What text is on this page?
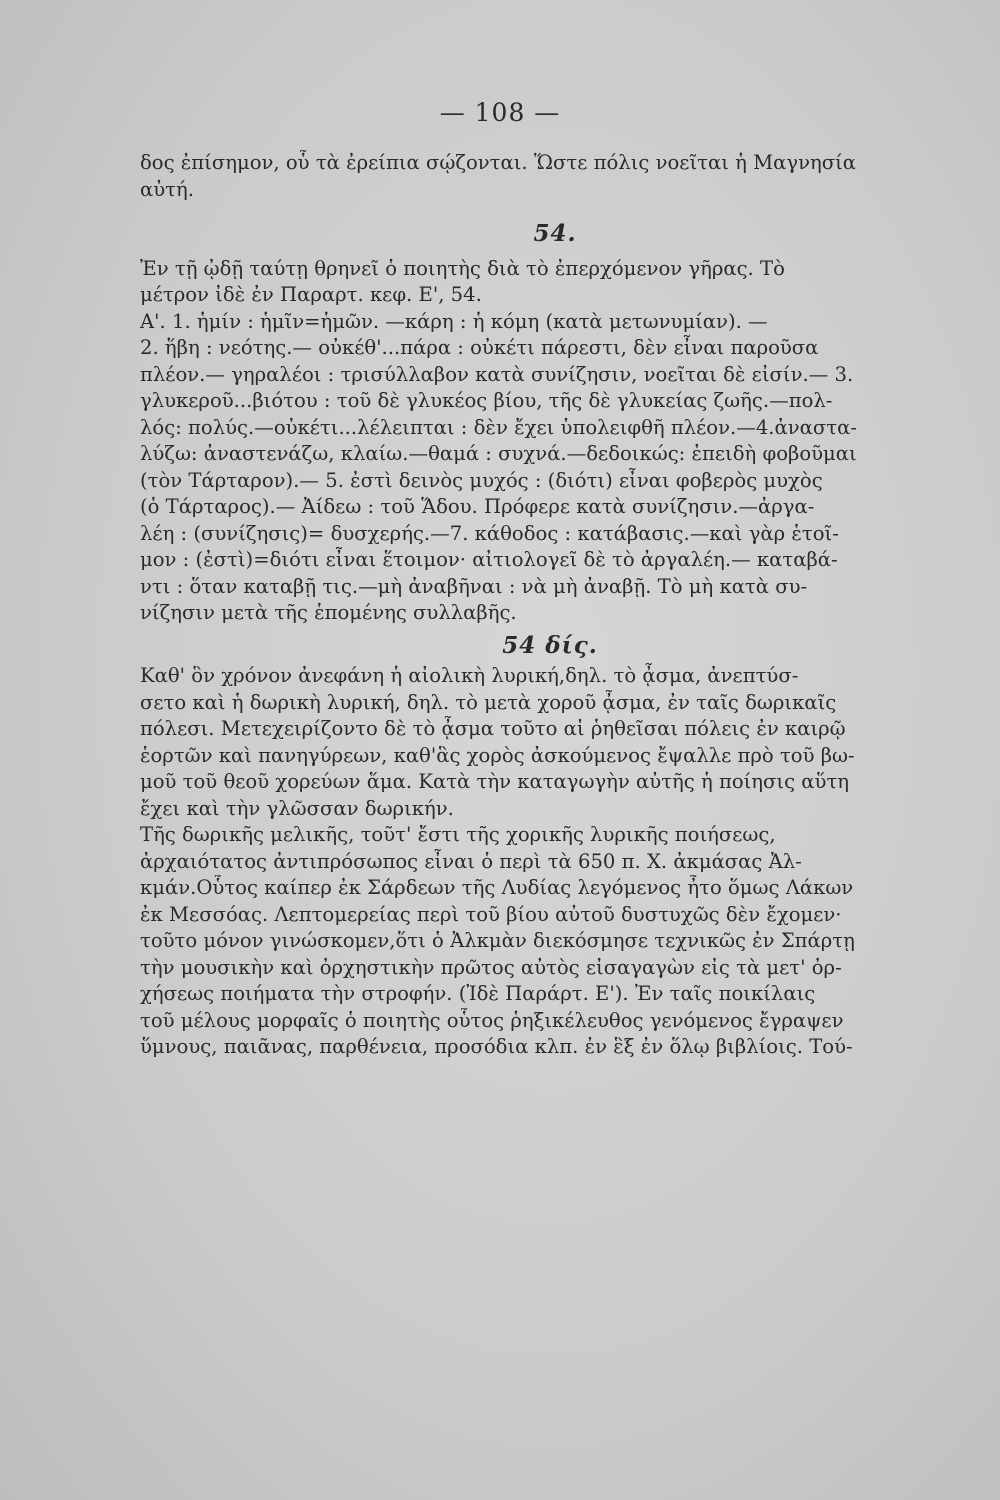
— 108 —
δος ἐπίσημον, οὗ τὰ ἐρείπια σῴζονται. Ὥστε πόλις νοεῖται ἡ Μαγνησία
αὐτή.
54.
Ἐν τῇ ᾠδῇ ταύτῃ θρηνεῖ ὁ ποιητὴς διὰ τὸ ἐπερχόμενον γῆρας. Τὸ
μέτρον ἰδὲ ἐν Παραρτ. κεφ. Ε', 54.
Α'. 1. ἡμίν : ἡμῖν=ἡμῶν. —κάρη : ἡ κόμη (κατὰ μετωνυμίαν). —
2. ἥβη : νεότης.— οὐκέθ'...πάρα : οὐκέτι πάρεστι, δὲν εἶναι παροῦσα
πλέον.— γηραλέοι : τρισύλλαβον κατὰ συνίζησιν, νοεῖται δὲ εἰσίν.— 3.
γλυκεροῦ...βιότου : τοῦ δὲ γλυκέος βίου, τῆς δὲ γλυκείας ζωῆς.—πολ-
λός: πολύς.—οὐκέτι...λέλειπται : δὲν ἔχει ὑπολειφθῆ πλέον.—4.ἀναστα-
λύζω: ἀναστενάζω, κλαίω.—θαμά : συχνά.—δεδοικώς: ἐπειδὴ φοβοῦμαι
(τὸν Τάρταρον).— 5. ἐστὶ δεινὸς μυχός : (διότι) εἶναι φοβερὸς μυχὸς
(ὁ Τάρταρος).— Ἀίδεω : τοῦ Ἅδου. Πρόφερε κατὰ συνίζησιν.—ἀργα-
λέη : (συνίζησις)= δυσχερής.—7. κάθοδος : κατάβασις.—καὶ γὰρ ἑτοῖ-
μον : (ἐστὶ)=διότι εἶναι ἕτοιμον· αἰτιολογεῖ δὲ τὸ ἀργαλέη.— καταβά-
ντι : ὅταν καταβῇ τις.—μὴ ἀναβῆναι : νὰ μὴ ἀναβῇ. Τὸ μὴ κατὰ συ-
νίζησιν μετὰ τῆς ἑπομένης συλλαβῆς.
54 δίς.
Καθ' ὃν χρόνον ἀνεφάνη ἡ αἰολικὴ λυρική,δηλ. τὸ ᾆσμα, ἀνεπτύσ-
σετο καὶ ἡ δωρικὴ λυρική, δηλ. τὸ μετὰ χοροῦ ᾆσμα, ἐν ταῖς δωρικαῖς
πόλεσι. Μετεχειρίζοντο δὲ τὸ ᾆσμα τοῦτο αἱ ῥηθεῖσαι πόλεις ἐν καιρῷ
ἑορτῶν καὶ πανηγύρεων, καθ'ἃς χορὸς ἀσκούμενος ἔψαλλε πρὸ τοῦ βω-
μοῦ τοῦ θεοῦ χορεύων ἅμα. Κατὰ τὴν καταγωγὴν αὐτῆς ἡ ποίησις αὕτη
ἔχει καὶ τὴν γλῶσσαν δωρικήν.
Τῆς δωρικῆς μελικῆς, τοῦτ' ἔστι τῆς χορικῆς λυρικῆς ποιήσεως,
ἀρχαιότατος ἀντιπρόσωπος εἶναι ὁ περὶ τὰ 650 π. Χ. ἀκμάσας Ἀλ-
κμάν.Οὗτος καίπερ ἐκ Σάρδεων τῆς Λυδίας λεγόμενος ἦτο ὅμως Λάκων
ἐκ Μεσσόας. Λεπτομερείας περὶ τοῦ βίου αὐτοῦ δυστυχῶς δὲν ἔχομεν·
τοῦτο μόνον γινώσκομεν,ὅτι ὁ Ἀλκμὰν διεκόσμησε τεχνικῶς ἐν Σπάρτῃ
τὴν μουσικὴν καὶ ὀρχηστικὴν πρῶτος αὐτὸς εἰσαγαγὼν εἰς τὰ μετ' ὀρ-
χήσεως ποιήματα τὴν στροφήν. (Ἰδὲ Παράρτ. Ε'). Ἐν ταῖς ποικίλαις
τοῦ μέλους μορφαῖς ὁ ποιητὴς οὗτος ῥηξικέλευθος γενόμενος ἔγραψεν
ὕμνους, παιᾶνας, παρθένεια, προσόδια κλπ. ἐν ἓξ ἐν ὅλῳ βιβλίοις. Τού-
